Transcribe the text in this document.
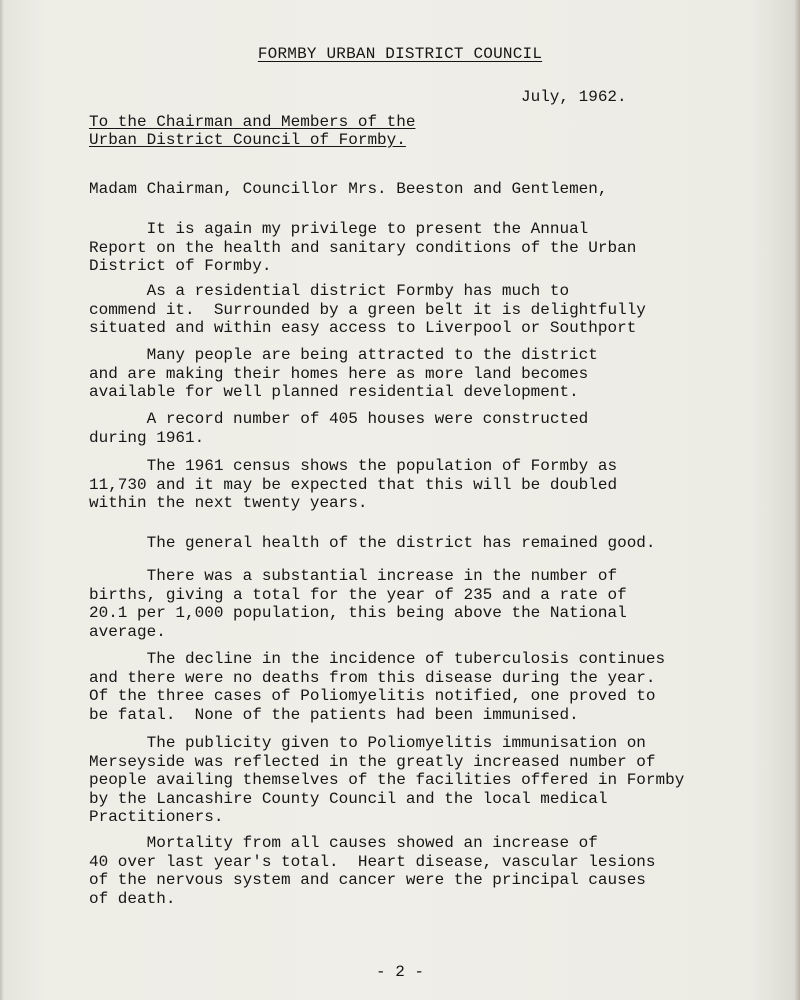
FORMBY URBAN DISTRICT COUNCIL
July, 1962.
To the Chairman and Members of the
Urban District Council of Formby.

Madam Chairman, Councillor Mrs. Beeston and Gentlemen,

It is again my privilege to present the Annual
Report on the health and sanitary conditions of the Urban
District of Formby.

As a residential district Formby has much to
commend it.  Surrounded by a green belt it is delightfully
situated and within easy access to Liverpool or Southport

Many people are being attracted to the district
and are making their homes here as more land becomes
available for well planned residential development.

A record number of 405 houses were constructed
during 1961.

The 1961 census shows the population of Formby as
11,730 and it may be expected that this will be doubled
within the next twenty years.

The general health of the district has remained good.

There was a substantial increase in the number of
births, giving a total for the year of 235 and a rate of
20.1 per 1,000 population, this being above the National
average.

The decline in the incidence of tuberculosis continues
and there were no deaths from this disease during the year.
Of the three cases of Poliomyelitis notified, one proved to
be fatal.  None of the patients had been immunised.

The publicity given to Poliomyelitis immunisation on
Merseyside was reflected in the greatly increased number of
people availing themselves of the facilities offered in Formby
by the Lancashire County Council and the local medical
Practitioners.

Mortality from all causes showed an increase of
40 over last year's total.  Heart disease, vascular lesions
of the nervous system and cancer were the principal causes
of death.

- 2 -
